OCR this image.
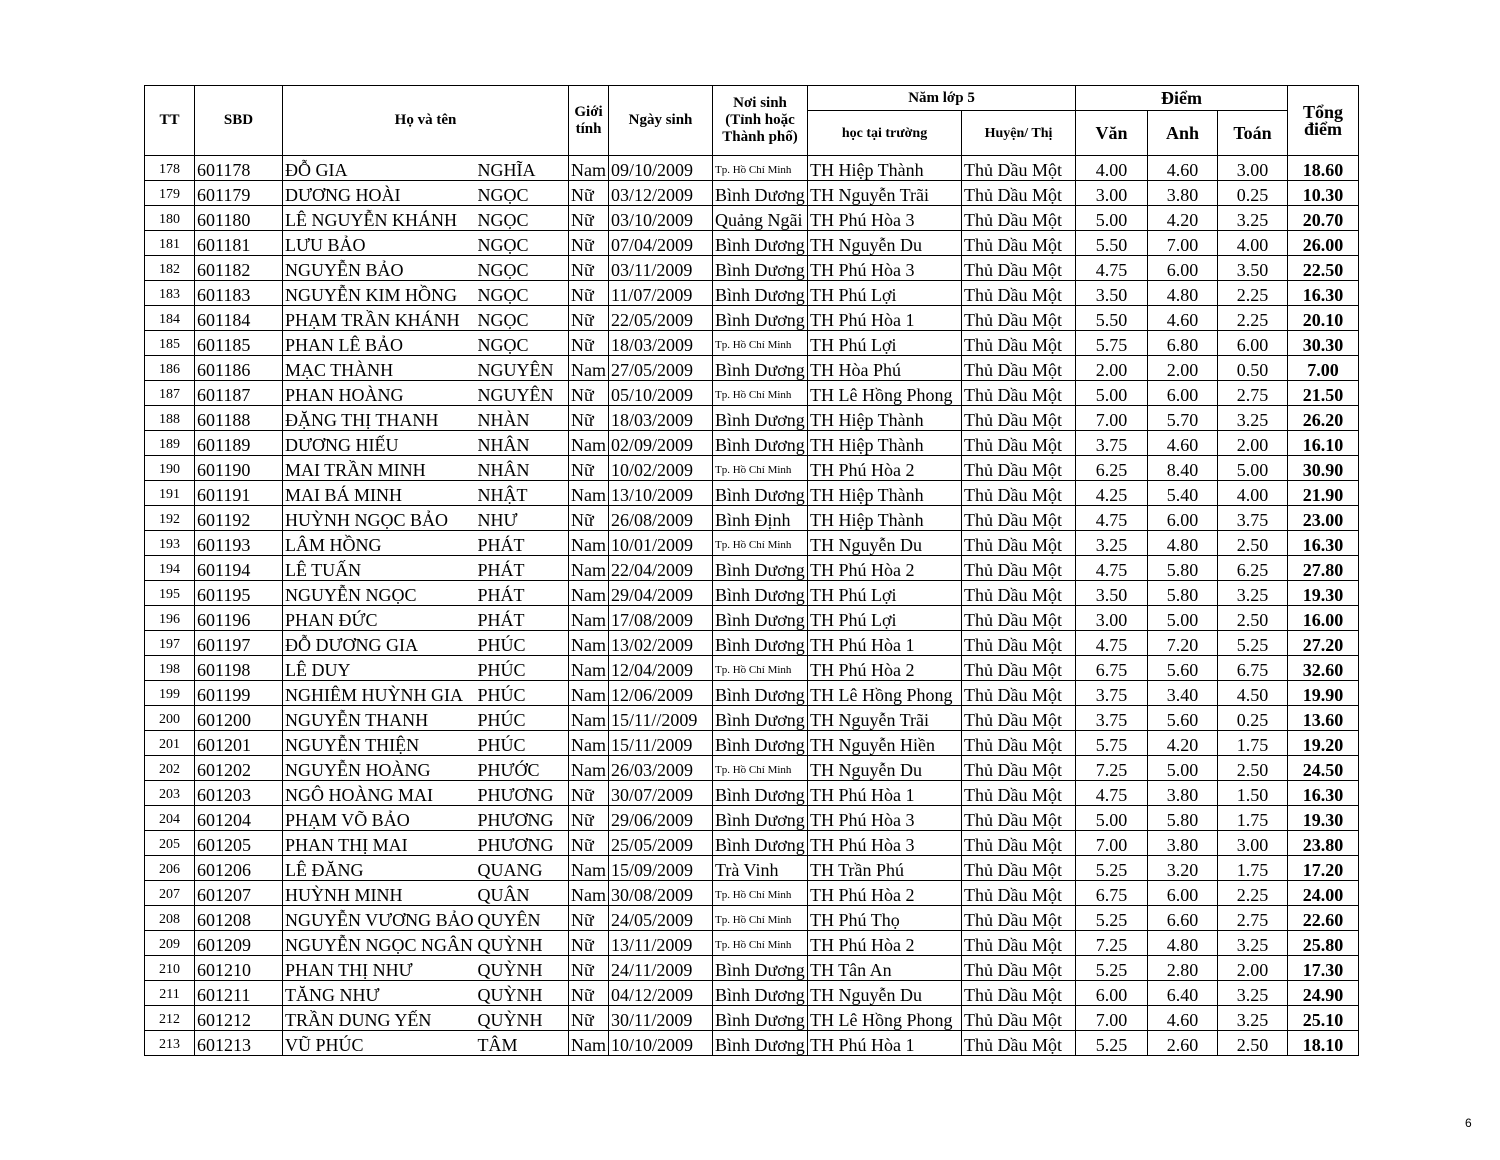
TT	SBD	Họ và tên		Giới tính	Ngày sinh	Nơi sinh (Tỉnh hoặc Thành phố)	Năm lớp 5		Điểm			Tổng điểm
							học tại trường	Huyện/ Thị	Văn	Anh	Toán	
178	601178	ĐỖ GIA	NGHĨA	Nam	09/10/2009	Tp. Hồ Chí Minh	TH Hiệp Thành	Thủ Dầu Một	4.00	4.60	3.00	18.60
179	601179	DƯƠNG HOÀI	NGỌC	Nữ	03/12/2009	Bình Dương	TH Nguyễn Trãi	Thủ Dầu Một	3.00	3.80	0.25	10.30
180	601180	LÊ NGUYỄN KHÁNH	NGỌC	Nữ	03/10/2009	Quảng Ngãi	TH Phú Hòa 3	Thủ Dầu Một	5.00	4.20	3.25	20.70
181	601181	LƯU BẢO	NGỌC	Nữ	07/04/2009	Bình Dương	TH Nguyễn Du	Thủ Dầu Một	5.50	7.00	4.00	26.00
182	601182	NGUYỄN BẢO	NGỌC	Nữ	03/11/2009	Bình Dương	TH Phú Hòa 3	Thủ Dầu Một	4.75	6.00	3.50	22.50
183	601183	NGUYỄN KIM HỒNG	NGỌC	Nữ	11/07/2009	Bình Dương	TH Phú Lợi	Thủ Dầu Một	3.50	4.80	2.25	16.30
184	601184	PHẠM TRẦN KHÁNH	NGỌC	Nữ	22/05/2009	Bình Dương	TH Phú Hòa 1	Thủ Dầu Một	5.50	4.60	2.25	20.10
185	601185	PHAN LÊ BẢO	NGỌC	Nữ	18/03/2009	Tp. Hồ Chí Minh	TH Phú Lợi	Thủ Dầu Một	5.75	6.80	6.00	30.30
186	601186	MẠC THÀNH	NGUYÊN	Nam	27/05/2009	Bình Dương	TH Hòa Phú	Thủ Dầu Một	2.00	2.00	0.50	7.00
187	601187	PHAN HOÀNG	NGUYÊN	Nữ	05/10/2009	Tp. Hồ Chí Minh	TH Lê Hồng Phong	Thủ Dầu Một	5.00	6.00	2.75	21.50
188	601188	ĐẶNG THỊ THANH	NHÀN	Nữ	18/03/2009	Bình Dương	TH Hiệp Thành	Thủ Dầu Một	7.00	5.70	3.25	26.20
189	601189	DƯƠNG HIẾU	NHÂN	Nam	02/09/2009	Bình Dương	TH Hiệp Thành	Thủ Dầu Một	3.75	4.60	2.00	16.10
190	601190	MAI TRẦN MINH	NHÂN	Nữ	10/02/2009	Tp. Hồ Chí Minh	TH Phú Hòa 2	Thủ Dầu Một	6.25	8.40	5.00	30.90
191	601191	MAI BÁ MINH	NHẬT	Nam	13/10/2009	Bình Dương	TH Hiệp Thành	Thủ Dầu Một	4.25	5.40	4.00	21.90
192	601192	HUỲNH NGỌC BẢO	NHƯ	Nữ	26/08/2009	Bình Định	TH Hiệp Thành	Thủ Dầu Một	4.75	6.00	3.75	23.00
193	601193	LÂM HỒNG	PHÁT	Nam	10/01/2009	Tp. Hồ Chí Minh	TH Nguyễn Du	Thủ Dầu Một	3.25	4.80	2.50	16.30
194	601194	LÊ TUẤN	PHÁT	Nam	22/04/2009	Bình Dương	TH Phú Hòa 2	Thủ Dầu Một	4.75	5.80	6.25	27.80
195	601195	NGUYỄN NGỌC	PHÁT	Nam	29/04/2009	Bình Dương	TH Phú Lợi	Thủ Dầu Một	3.50	5.80	3.25	19.30
196	601196	PHAN ĐỨC	PHÁT	Nam	17/08/2009	Bình Dương	TH Phú Lợi	Thủ Dầu Một	3.00	5.00	2.50	16.00
197	601197	ĐỖ DƯƠNG GIA	PHÚC	Nam	13/02/2009	Bình Dương	TH Phú Hòa 1	Thủ Dầu Một	4.75	7.20	5.25	27.20
198	601198	LÊ DUY	PHÚC	Nam	12/04/2009	Tp. Hồ Chí Minh	TH Phú Hòa 2	Thủ Dầu Một	6.75	5.60	6.75	32.60
199	601199	NGHIÊM HUỲNH GIA	PHÚC	Nam	12/06/2009	Bình Dương	TH Lê Hồng Phong	Thủ Dầu Một	3.75	3.40	4.50	19.90
200	601200	NGUYỄN THANH	PHÚC	Nam	15/11//2009	Bình Dương	TH Nguyễn Trãi	Thủ Dầu Một	3.75	5.60	0.25	13.60
201	601201	NGUYỄN THIỆN	PHÚC	Nam	15/11/2009	Bình Dương	TH Nguyễn Hiền	Thủ Dầu Một	5.75	4.20	1.75	19.20
202	601202	NGUYỄN HOÀNG	PHƯỚC	Nam	26/03/2009	Tp. Hồ Chí Minh	TH Nguyễn Du	Thủ Dầu Một	7.25	5.00	2.50	24.50
203	601203	NGÔ HOÀNG MAI	PHƯƠNG	Nữ	30/07/2009	Bình Dương	TH Phú Hòa 1	Thủ Dầu Một	4.75	3.80	1.50	16.30
204	601204	PHẠM VÕ BẢO	PHƯƠNG	Nữ	29/06/2009	Bình Dương	TH Phú Hòa 3	Thủ Dầu Một	5.00	5.80	1.75	19.30
205	601205	PHAN THỊ MAI	PHƯƠNG	Nữ	25/05/2009	Bình Dương	TH Phú Hòa 3	Thủ Dầu Một	7.00	3.80	3.00	23.80
206	601206	LÊ ĐĂNG	QUANG	Nam	15/09/2009	Trà Vinh	TH Trần Phú	Thủ Dầu Một	5.25	3.20	1.75	17.20
207	601207	HUỲNH MINH	QUÂN	Nam	30/08/2009	Tp. Hồ Chí Minh	TH Phú Hòa 2	Thủ Dầu Một	6.75	6.00	2.25	24.00
208	601208	NGUYỄN VƯƠNG BẢO	QUYÊN	Nữ	24/05/2009	Tp. Hồ Chí Minh	TH Phú Thọ	Thủ Dầu Một	5.25	6.60	2.75	22.60
209	601209	NGUYỄN NGỌC NGÂN	QUỲNH	Nữ	13/11/2009	Tp. Hồ Chí Minh	TH Phú Hòa 2	Thủ Dầu Một	7.25	4.80	3.25	25.80
210	601210	PHAN THỊ NHƯ	QUỲNH	Nữ	24/11/2009	Bình Dương	TH Tân An	Thủ Dầu Một	5.25	2.80	2.00	17.30
211	601211	TĂNG NHƯ	QUỲNH	Nữ	04/12/2009	Bình Dương	TH Nguyễn Du	Thủ Dầu Một	6.00	6.40	3.25	24.90
212	601212	TRẦN DUNG YẾN	QUỲNH	Nữ	30/11/2009	Bình Dương	TH Lê Hồng Phong	Thủ Dầu Một	7.00	4.60	3.25	25.10
213	601213	VŨ PHÚC	TÂM	Nam	10/10/2009	Bình Dương	TH Phú Hòa 1	Thủ Dầu Một	5.25	2.60	2.50	18.10
6
